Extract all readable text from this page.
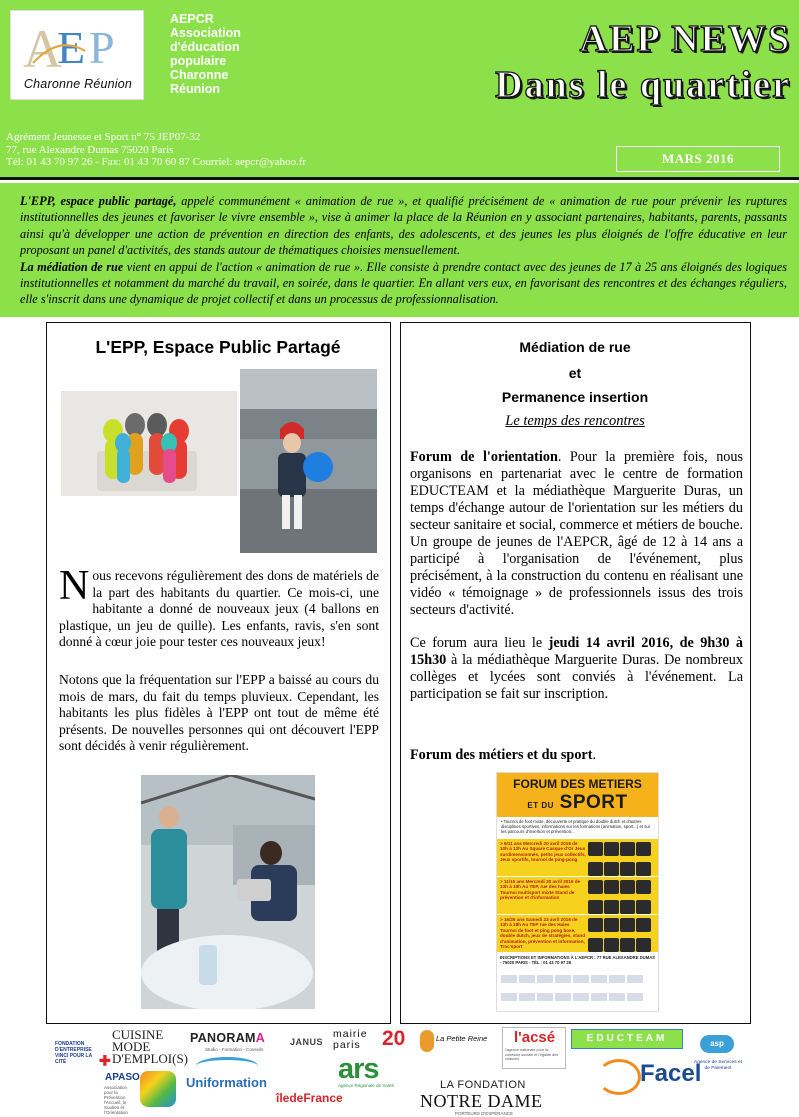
A
E P
Charonne Réunion
AEPCR
Association
d'éducation
populaire
Charonne
Réunion
AEP NEWS
Dans le quartier
Agrément Jeunesse et Sport n° 75 JEP07-32
77, rue Alexandre Dumas 75020 Paris
Tél: 01 43 70 97 26 - Fax: 01 43 70 60 87 Courriel: aepcr@yahoo.fr	MARS 2016
L'EPP, espace public partagé, appelé communément « animation de rue », et qualifié précisément de « animation de rue pour prévenir les ruptures institutionnelles des jeunes et favoriser le vivre ensemble », vise à animer la place de la Réunion en y associant partenaires, habitants, parents, passants ainsi qu'à développer une action de prévention en direction des enfants, des adolescents, et des jeunes les plus éloignés de l'offre éducative en leur proposant un panel d'activités, des stands autour de thématiques choisies mensuellement.
La médiation de rue vient en appui de l'action « animation de rue ». Elle consiste à prendre contact avec des jeunes de 17 à 25 ans éloignés des logiques institutionnelles et notamment du marché du travail, en soirée, dans le quartier. En allant vers eux, en favorisant des rencontres et des échanges réguliers, elle s'inscrit dans une dynamique de projet collectif et dans un processus de professionnalisation.
L'EPP, Espace Public Partagé
Nous recevons régulièrement des dons de matériels de la part des habitants du quartier. Ce mois-ci, une habitante a donné de nouveaux jeux (4 ballons en plastique, un jeu de quille). Les enfants, ravis, s'en sont donné à cœur joie pour tester ces nouveaux jeux!
Notons que la fréquentation sur l'EPP a baissé au cours du mois de mars, du fait du temps pluvieux. Cependant, les habitants les plus fidèles à l'EPP ont tout de même été présents. De nouvelles personnes qui ont découvert l'EPP sont décidés à venir régulièrement.
Médiation de rue
et
Permanence insertion
Le temps des rencontres
Forum de l'orientation. Pour la première fois, nous organisons en partenariat avec le centre de formation EDUCTEAM et la médiathèque Marguerite Duras, un temps d'échange autour de l'orientation sur les métiers du secteur sanitaire et social, commerce et métiers de bouche. Un groupe de jeunes de l'AEPCR, âgé de 12 à 14 ans a participé à l'organisation de l'événement, plus précisément, à la construction du contenu en réalisant une vidéo « témoignage » de professionnels issus des trois secteurs d'activité.
Ce forum aura lieu le jeudi 14 avril 2016, de 9h30 à 15h30 à la médiathèque Marguerite Duras. De nombreux collèges et lycées sont conviés à l'événement. La participation se fait sur inscription.
Forum des métiers et du sport.
FORUM DES METIERS
ET DU SPORT
• Tournoi de foot mixte, découverte et pratique du double dutch et d'autres disciplines sportives, informations sur les formations (animation, sport...) et sur les parcours d'insertion et prévention...
> 6/11 ans Mercredi 20 avril 2016 de 10h à 12h Au Square Casque d'Or Jeux surdimensionnés, petits jeux collectifs, Jeux sportifs, tournoi de ping-pong
> 11/15 ans Mercredi 20 avril 2016 de 13h à 18h Au TEP, rue des haies Tournoi multisport mixte Stand de prévention et d'information
> 16/25 ans Samedi 23 avril 2016 de 13h à 18h Au TEP rue des Haies Tournoi de foot et ping pong boxe, double dutch, jeux de stratégies, stand d'animation, prévention et information, Troc'sport
INSCRIPTIONS ET INFORMATIONS À L'AEPCR : 77 RUE ALEXANDRE DUMAS - 75020 PARIS - TÉL : 01 43 70 97 26

FONDATION D'ENTREPRISE VINCI POUR LA CITÉ ✚
CUISINE MODE D'EMPLOI(S)
APASO
Association pour la Prévention l'Accueil, le Soutien et l'Orientation
PANORAMA
Studio - Formation - Conseils
Uniformation
JANUS
îledeFrance
mairie
paris	20
ars
Agence Régionale de Santé
La Petite Reine l'acsé
l'agence nationale pour la cohésion sociale et l'égalité des chances
LA FONDATION
NOTRE DAME
PORTEURS D'ESPÉRANCE
EDUCTEAM
Facel
asp
Agence de Services et de Paiement
